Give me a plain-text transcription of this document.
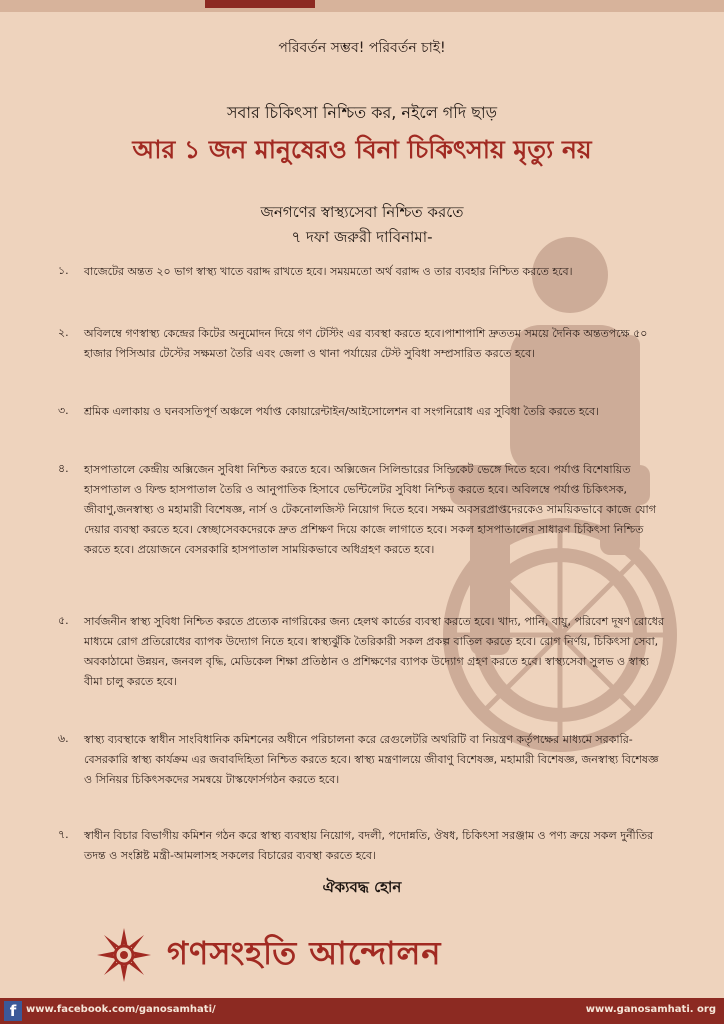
পরিবর্তন সম্ভব! পরিবর্তন চাই!
সবার চিকিৎসা নিশ্চিত কর, নইলে গদি ছাড়
আর ১ জন মানুষেরও বিনা চিকিৎসায় মৃত্যু নয়
জনগণের স্বাস্থ্যসেবা নিশ্চিত করতে
৭ দফা জরুরী দাবিনামা-
১. বাজেটের অন্তত ২০ ভাগ স্বাস্থ্য খাতে বরাদ্দ রাখতে হবে। সময়মতো অর্থ বরাদ্দ ও তার ব্যবহার নিশ্চিত করতে হবে।
২. অবিলম্বে গণস্বাস্থ্য কেন্দ্রের কিটের অনুমোদন দিয়ে গণ টেস্টিং এর ব্যবস্থা করতে হবে।পাশাপাশি দ্রুততম সময়ে দৈনিক অন্ততপক্ষে ৫০ হাজার পিসিআর টেস্টের সক্ষমতা তৈরি এবং জেলা ও থানা পর্যায়ের টেস্ট সুবিধা সম্প্রসারিত করতে হবে।
৩. শ্রমিক এলাকায় ও ঘনবসতিপূর্ণ অঞ্চলে পর্যাপ্ত কোয়ারেন্টাইন/আইসোলেশন বা সংগনিরোধ এর সুবিধা তৈরি করতে হবে।
৪. হাসপাতালে কেন্দ্রীয় অক্সিজেন সুবিধা নিশ্চিত করতে হবে। অক্সিজেন সিলিন্ডারের সিন্ডিকেট ভেঙ্গে দিতে হবে। পর্যাপ্ত বিশেষায়িত হাসপাতাল ও ফিল্ড হাসপাতাল তৈরি ও আনুপাতিক হিসাবে ভেন্টিলেটর সুবিধা নিশ্চিত করতে হবে। অবিলম্বে পর্যাপ্ত চিকিৎসক, জীবাণু,জনস্বাস্থ্য ও মহামারী বিশেষজ্ঞ, নার্স ও টেকনোলজিস্ট নিয়োগ দিতে হবে। সক্ষম অবসরপ্রাপ্তদেরকেও সাময়িকভাবে কাজে যোগ দেয়ার ব্যবস্থা করতে হবে। স্বেচ্ছাসেবকদেরকে দ্রুত প্রশিক্ষণ দিয়ে কাজে লাগাতে হবে। সকল হাসপাতালের সাধারণ চিকিৎসা নিশ্চিত করতে হবে। প্রয়োজনে বেসরকারি হাসপাতাল সাময়িকভাবে অধিগ্রহণ করতে হবে।
৫. সার্বজনীন স্বাস্থ্য সুবিধা নিশ্চিত করতে প্রত্যেক নাগরিকের জন্য হেলথ কার্ডের ব্যবস্থা করতে হবে। খাদ্য, পানি, বায়ু, পরিবেশ দূষণ রোধের মাধ্যমে রোগ প্রতিরোধের ব্যাপক উদ্যোগ নিতে হবে। স্বাস্থ্যঝুঁকি তৈরিকারী সকল প্রকল্প বাতিল করতে হবে। রোগ নির্ণয়, চিকিৎসা সেবা, অবকাঠামো উন্নয়ন, জনবল বৃদ্ধি, মেডিকেল শিক্ষা প্রতিষ্ঠান ও প্রশিক্ষণের ব্যাপক উদ্যোগ গ্রহণ করতে হবে। স্বাস্থ্যসেবা সুলভ ও স্বাস্থ্য বীমা চালু করতে হবে।
৬. স্বাস্থ্য ব্যবস্থাকে স্বাধীন সাংবিধানিক কমিশনের অধীনে পরিচালনা করে রেগুলেটরি অথরিটি বা নিয়ন্ত্রণ কর্তৃপক্ষের মাধ্যমে সরকারি-বেসরকারি স্বাস্থ্য কার্যক্রম এর জবাবদিহিতা নিশ্চিত করতে হবে। স্বাস্থ্য মন্ত্রণালয়ে জীবাণু বিশেষজ্ঞ, মহামারী বিশেষজ্ঞ, জনস্বাস্থ্য বিশেষজ্ঞ ও সিনিয়র চিকিৎসকদের সমন্বয়ে টাস্কফোর্সগঠন করতে হবে।
৭. স্বাধীন বিচার বিভাগীয় কমিশন গঠন করে স্বাস্থ্য ব্যবস্থায় নিয়োগ, বদলী, পদোন্নতি, ঔষধ, চিকিৎসা সরঞ্জাম ও পণ্য ক্রয়ে সকল দুর্নীতির তদন্ত ও সংশ্লিষ্ট মন্ত্রী-আমলাসহ সকলের বিচারের ব্যবস্থা করতে হবে।
ঐক্যবদ্ধ হোন
গণসংহতি আন্দোলন
f www.facebook.com/ganosamhati/	www.ganosamhati. org
